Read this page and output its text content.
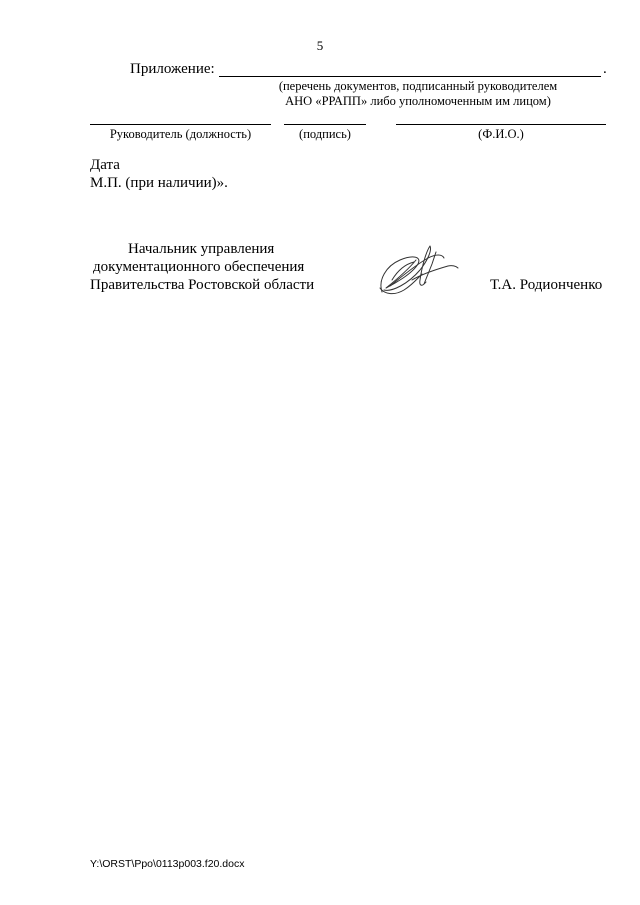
5
Приложение:	.
(перечень документов, подписанный руководителем
АНО «РРАПП» либо уполномоченным им лицом)
Руководитель (должность)	(подпись)	(Ф.И.О.)
Дата
М.П. (при наличии)».
Начальник управления
документационного обеспечения
Правительства Ростовской области	Т.А. Родионченко
Y:\ORST\Ppo\0113p003.f20.docx
